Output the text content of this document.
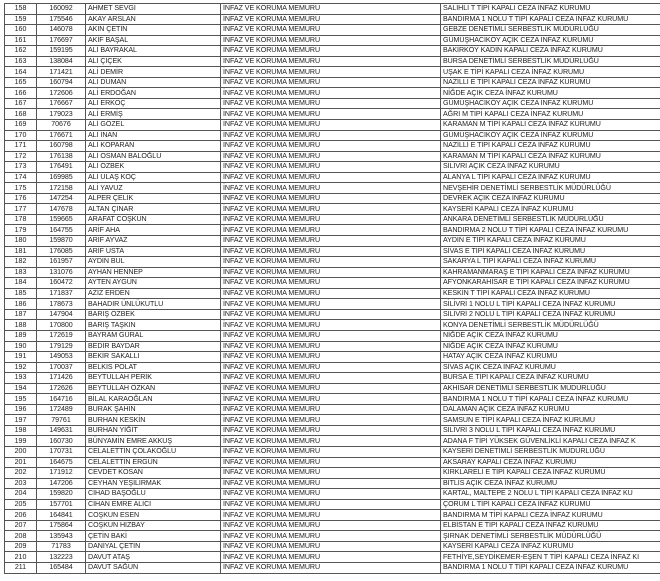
158	160092	AHMET SEVGİ	İNFAZ VE KORUMA MEMURU	SALİHLİ T TİPİ KAPALI CEZA İNFAZ KURUMU
159	175546	AKAY ARSLAN	İNFAZ VE KORUMA MEMURU	BANDIRMA 1 NOLU T TİPİ KAPALI CEZA İNFAZ KURUMU
160	146078	AKIN ÇETİN	İNFAZ VE KORUMA MEMURU	GEBZE DENETİMLİ SERBESTLİK MÜDÜRLÜĞÜ
161	176697	AKİF BAŞAL	İNFAZ VE KORUMA MEMURU	GÜMÜŞHACIKÖY AÇIK CEZA İNFAZ KURUMU
162	159195	ALİ BAYRAKAL	İNFAZ VE KORUMA MEMURU	BAKIRKÖY KADIN KAPALI CEZA İNFAZ KURUMU
163	138084	ALİ ÇİÇEK	İNFAZ VE KORUMA MEMURU	BURSA DENETİMLİ SERBESTLİK MÜDÜRLÜĞÜ
164	171421	ALİ DEMİR	İNFAZ VE KORUMA MEMURU	UŞAK E TİPİ KAPALI CEZA İNFAZ KURUMU
165	160794	ALİ DUMAN	İNFAZ VE KORUMA MEMURU	NAZİLLİ E TİPİ KAPALI CEZA İNFAZ KURUMU
166	172606	ALİ ERDOĞAN	İNFAZ VE KORUMA MEMURU	NİĞDE AÇIK CEZA İNFAZ KURUMU
167	176667	ALİ ERKOÇ	İNFAZ VE KORUMA MEMURU	GÜMÜŞHACIKÖY AÇIK CEZA İNFAZ KURUMU
168	179023	ALİ ERMİŞ	İNFAZ VE KORUMA MEMURU	AĞRI M TİPİ KAPALI CEZA İNFAZ KURUMU
169	70676	ALİ GÖZEL	İNFAZ VE KORUMA MEMURU	KARAMAN M TİPİ KAPALI CEZA İNFAZ KURUMU
170	176671	ALİ İNAN	İNFAZ VE KORUMA MEMURU	GÜMÜŞHACIKÖY AÇIK CEZA İNFAZ KURUMU
171	160798	ALİ KOPARAN	İNFAZ VE KORUMA MEMURU	NAZİLLİ E TİPİ KAPALI CEZA İNFAZ KURUMU
172	176138	ALİ OSMAN BALOĞLU	İNFAZ VE KORUMA MEMURU	KARAMAN M TİPİ KAPALI CEZA İNFAZ KURUMU
173	176491	ALİ ÖZBEK	İNFAZ VE KORUMA MEMURU	SİLİVRİ AÇIK CEZA İNFAZ KURUMU
174	169985	ALİ ULAŞ KOÇ	İNFAZ VE KORUMA MEMURU	ALANYA L TİPİ KAPALI CEZA İNFAZ KURUMU
175	172158	ALİ YAVUZ	İNFAZ VE KORUMA MEMURU	NEVŞEHİR DENETİMLİ SERBESTLİK MÜDÜRLÜĞÜ
176	147254	ALPER ÇELİK	İNFAZ VE KORUMA MEMURU	DEVREK AÇIK CEZA İNFAZ KURUMU
177	147678	ALTAN ÇINAR	İNFAZ VE KORUMA MEMURU	KAYSERİ KAPALI CEZA İNFAZ KURUMU
178	159665	ARAFAT COŞKUN	İNFAZ VE KORUMA MEMURU	ANKARA DENETİMLİ SERBESTLİK MÜDÜRLÜĞÜ
179	164755	ARİF AHA	İNFAZ VE KORUMA MEMURU	BANDIRMA 2 NOLU T TİPİ KAPALI CEZA İNFAZ KURUMU
180	159870	ARİF AYVAZ	İNFAZ VE KORUMA MEMURU	AYDIN E TİPİ KAPALI CEZA İNFAZ KURUMU
181	176085	ARİF USTA	İNFAZ VE KORUMA MEMURU	SİVAS E TİPİ KAPALI CEZA İNFAZ KURUMU
182	161957	AYDIN BUL	İNFAZ VE KORUMA MEMURU	SAKARYA L TİPİ KAPALI CEZA İNFAZ KURUMU
183	131076	AYHAN HENNEP	İNFAZ VE KORUMA MEMURU	KAHRAMANMARAŞ E TİPİ KAPALI CEZA İNFAZ KURUMU
184	160472	AYTEN AYGÜN	İNFAZ VE KORUMA MEMURU	AFYONKARAHİSAR E TİPİ KAPALI CEZA İNFAZ KURUMU
185	171837	AZİZ ERDEN	İNFAZ VE KORUMA MEMURU	KESKİN T TİPİ KAPALI CEZA İNFAZ KURUMU
186	178673	BAHADIR ÜNLÜKUTLU	İNFAZ VE KORUMA MEMURU	SİLİVRİ 1 NOLU L TİPİ KAPALI CEZA İNFAZ KURUMU
187	147904	BARIŞ ÖZBEK	İNFAZ VE KORUMA MEMURU	SİLİVRİ 2 NOLU L TİPİ KAPALI CEZA İNFAZ KURUMU
188	170800	BARIŞ TAŞKIN	İNFAZ VE KORUMA MEMURU	KONYA DENETİMLİ SERBESTLİK MÜDÜRLÜĞÜ
189	172619	BAYRAM GÜRAL	İNFAZ VE KORUMA MEMURU	NİĞDE AÇIK CEZA İNFAZ KURUMU
190	179129	BEDİR BAYDAR	İNFAZ VE KORUMA MEMURU	NİĞDE AÇIK CEZA İNFAZ KURUMU
191	149053	BEKİR SAKALLI	İNFAZ VE KORUMA MEMURU	HATAY AÇIK CEZA İNFAZ KURUMU
192	170037	BELKIS POLAT	İNFAZ VE KORUMA MEMURU	SİVAS AÇIK CEZA İNFAZ KURUMU
193	171426	BEYTULLAH PERİK	İNFAZ VE KORUMA MEMURU	BURSA E TİPİ KAPALI CEZA İNFAZ KURUMU
194	172626	BEYTULLAH ÖZKAN	İNFAZ VE KORUMA MEMURU	AKHİSAR DENETİMLİ SERBESTLİK MÜDÜRLÜĞÜ
195	164716	BİLAL KARAOĞLAN	İNFAZ VE KORUMA MEMURU	BANDIRMA 1 NOLU T TİPİ KAPALI CEZA İNFAZ KURUMU
196	172489	BURAK ŞAHİN	İNFAZ VE KORUMA MEMURU	DALAMAN AÇIK CEZA İNFAZ KURUMU
197	79761	BURHAN KESKİN	İNFAZ VE KORUMA MEMURU	SAMSUN E TİPİ KAPALI CEZA İNFAZ KURUMU
198	149631	BURHAN YİĞİT	İNFAZ VE KORUMA MEMURU	SİLİVRİ 3 NOLU L TİPİ KAPALI CEZA İNFAZ KURUMU
199	160730	BÜNYAMİN EMRE AKKUŞ	İNFAZ VE KORUMA MEMURU	ADANA F TİPİ YÜKSEK GÜVENLİKLİ KAPALI CEZA İNFAZ K
200	170731	CELALETTİN ÇOLAKOĞLU	İNFAZ VE KORUMA MEMURU	KAYSERİ DENETİMLİ SERBESTLİK MÜDÜRLÜĞÜ
201	164675	CELALETTİN ERGÜN	İNFAZ VE KORUMA MEMURU	AKSARAY KAPALI CEZA İNFAZ KURUMU
202	171912	CEVDET KOSAN	İNFAZ VE KORUMA MEMURU	KIRKLARELİ E TİPİ KAPALI CEZA İNFAZ KURUMU
203	147206	CEYHAN YEŞİLIRMAK	İNFAZ VE KORUMA MEMURU	BİTLİS AÇIK CEZA İNFAZ KURUMU
204	159820	CİHAD BAŞOĞLU	İNFAZ VE KORUMA MEMURU	KARTAL, MALTEPE 2 NOLU L TİPİ KAPALI CEZA İNFAZ KU
205	157701	CİHAN EMRE ALICI	İNFAZ VE KORUMA MEMURU	ÇORUM L TİPİ KAPALI CEZA İNFAZ KURUMU
206	164841	COŞKUN ESEN	İNFAZ VE KORUMA MEMURU	BANDIRMA M TİPİ KAPALI CEZA İNFAZ KURUMU
207	175864	COŞKUN HIZBAY	İNFAZ VE KORUMA MEMURU	ELBİSTAN E TİPİ KAPALI CEZA İNFAZ KURUMU
208	135943	ÇETİN BAKİ	İNFAZ VE KORUMA MEMURU	ŞIRNAK DENETİMLİ SERBESTLİK MÜDÜRLÜĞÜ
209	71783	DANİYAL ÇETİN	İNFAZ VE KORUMA MEMURU	KAYSERİ KAPALI CEZA İNFAZ KURUMU
210	132223	DAVUT ATAŞ	İNFAZ VE KORUMA MEMURU	FETHİYE,SEYDİKEMER-EŞEN T TİPİ KAPALI CEZA İNFAZ KI
211	165484	DAVUT SAĞUN	İNFAZ VE KORUMA MEMURU	BANDIRMA 1 NOLU T TİPİ KAPALI CEZA İNFAZ KURUMU
